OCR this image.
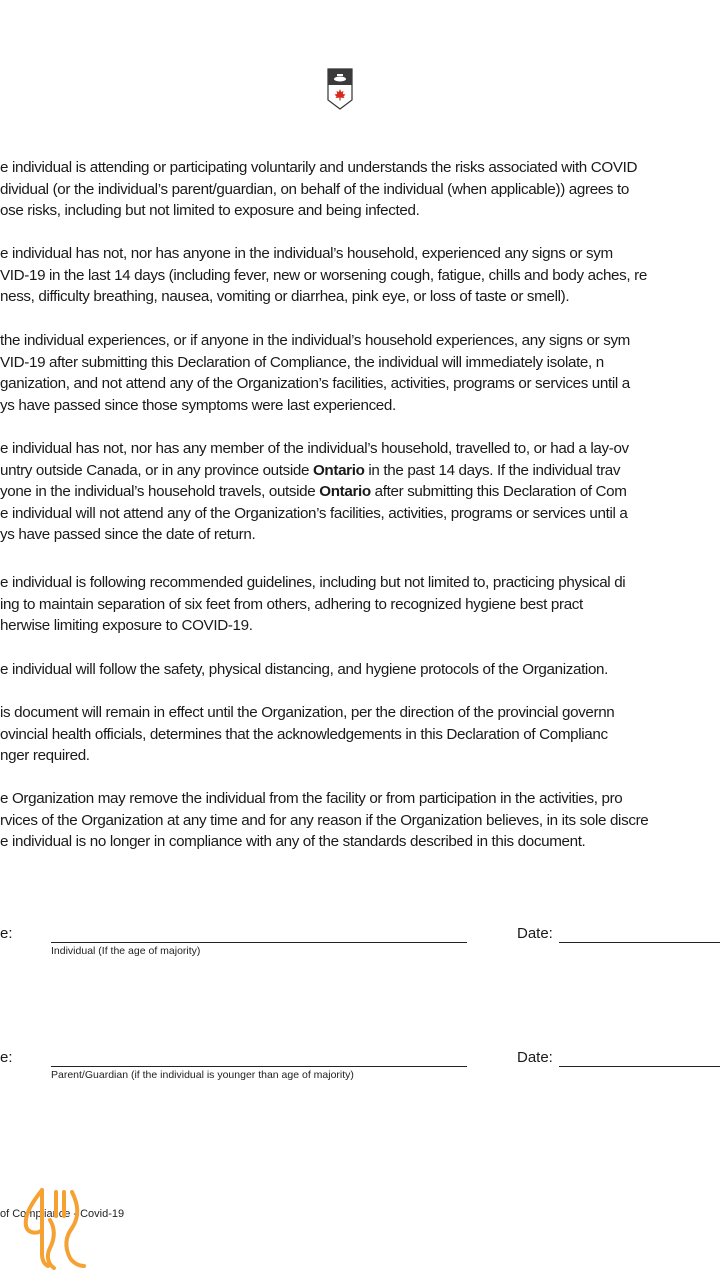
e individual is attending or participating voluntarily and understands the risks associated with COVID
dividual (or the individual’s parent/guardian, on behalf of the individual (when applicable)) agrees to
ose risks, including but not limited to exposure and being infected.
e individual has not, nor has anyone in the individual’s household, experienced any signs or sym
VID-19 in the last 14 days (including fever, new or worsening cough, fatigue, chills and body aches, re
ness, difficulty breathing, nausea, vomiting or diarrhea, pink eye, or loss of taste or smell).
the individual experiences, or if anyone in the individual’s household experiences, any signs or sym
VID-19 after submitting this Declaration of Compliance, the individual will immediately isolate, n
ganization, and not attend any of the Organization’s facilities, activities, programs or services until a
ys have passed since those symptoms were last experienced.
e individual has not, nor has any member of the individual’s household, travelled to, or had a lay-ov
untry outside Canada, or in any province outside Ontario in the past 14 days. If the individual trav
yone in the individual’s household travels, outside Ontario after submitting this Declaration of Com
e individual will not attend any of the Organization’s facilities, activities, programs or services until a
ys have passed since the date of return.
e individual is following recommended guidelines, including but not limited to, practicing physical di
ing to maintain separation of six feet from others, adhering to recognized hygiene best pract
herwise limiting exposure to COVID-19.
e individual will follow the safety, physical distancing, and hygiene protocols of the Organization.
is document will remain in effect until the Organization, per the direction of the provincial governn
ovincial health officials, determines that the acknowledgements in this Declaration of Complianc
nger required.
e Organization may remove the individual from the facility or from participation in the activities, pro
rvices of the Organization at any time and for any reason if the Organization believes, in its sole discre
e individual is no longer in compliance with any of the standards described in this document.
e:
Individual (If the age of majority)
Date:
e:
Parent/Guardian (if the individual is younger than age of majority)
Date:
of Compliance - Covid-19
